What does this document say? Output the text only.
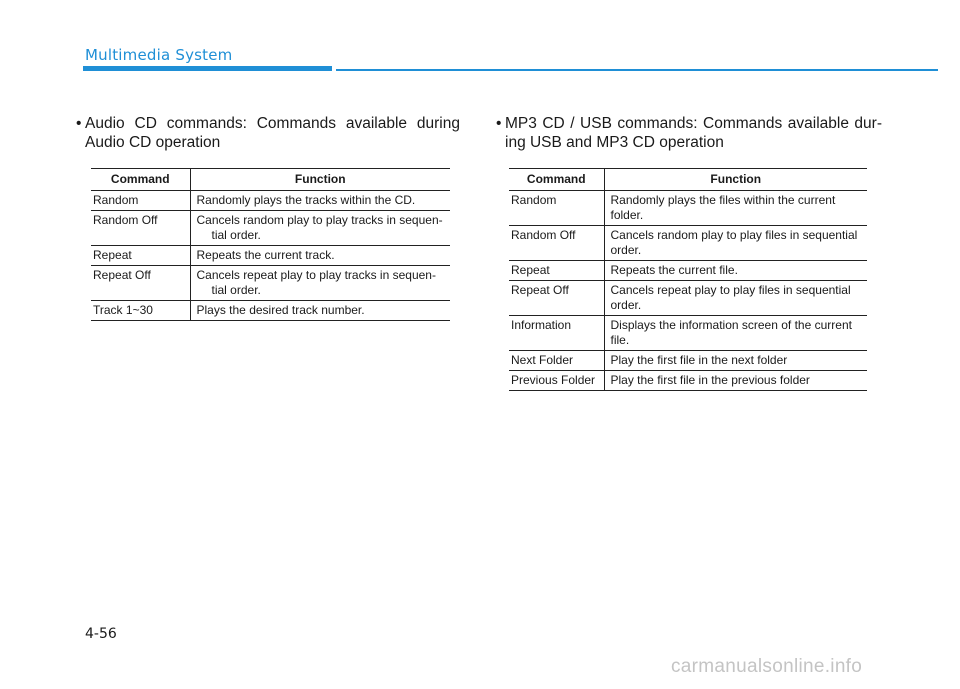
Multimedia System
• Audio CD commands: Commands available during Audio CD operation
Command	Function
Random	Randomly plays the tracks within the CD.

Random Off	Cancels random play to play tracks in sequen-
tial order.

Repeat	Repeats the current track.

Repeat Off	Cancels repeat play to play tracks in sequen-
tial order.

Track 1~30	Plays the desired track number.
• MP3 CD / USB commands: Commands available dur- ing USB and MP3 CD operation
Command	Function
Random	Randomly plays the files within the current
folder.

Random Off	Cancels random play to play files in sequential
order.

Repeat	Repeats the current file.

Repeat Off	Cancels repeat play to play files in sequential
order.

Information	Displays the information screen of the current
file.

Next Folder	Play the first file in the next folder

Previous Folder	Play the first file in the previous folder
4-56
carmanualsonline.info
